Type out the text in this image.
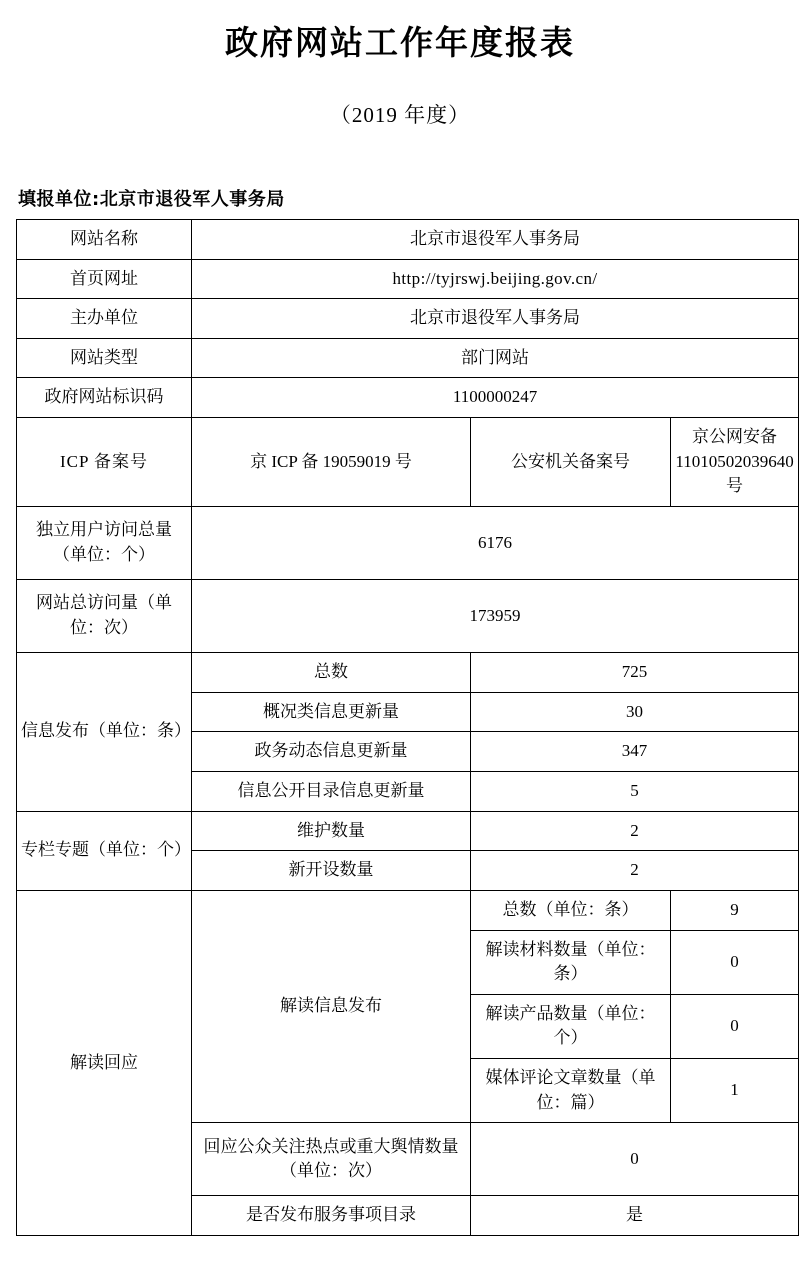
政府网站工作年度报表
（2019 年度）
填报单位:北京市退役军人事务局
网站名称	北京市退役军人事务局		
首页网址	http://tyjrswj.beijing.gov.cn/		
主办单位	北京市退役军人事务局		
网站类型	部门网站		
政府网站标识码	1100000247		
ICP 备案号	京 ICP 备 19059019 号	公安机关备案号	京公网安备 11010502039640 号
独立用户访问总量（单位：个）	6176		
网站总访问量（单位：次）	173959		
信息发布（单位：条）	总数	725	
	概况类信息更新量	30	
	政务动态信息更新量	347	
	信息公开目录信息更新量	5	
专栏专题（单位：个）	维护数量	2	
	新开设数量	2	
解读回应	解读信息发布	总数（单位：条）	9
		解读材料数量（单位：条）	0
		解读产品数量（单位：个）	0
		媒体评论文章数量（单位：篇）	1
	回应公众关注热点或重大舆情数量（单位：次）	0	
	是否发布服务事项目录	是	
